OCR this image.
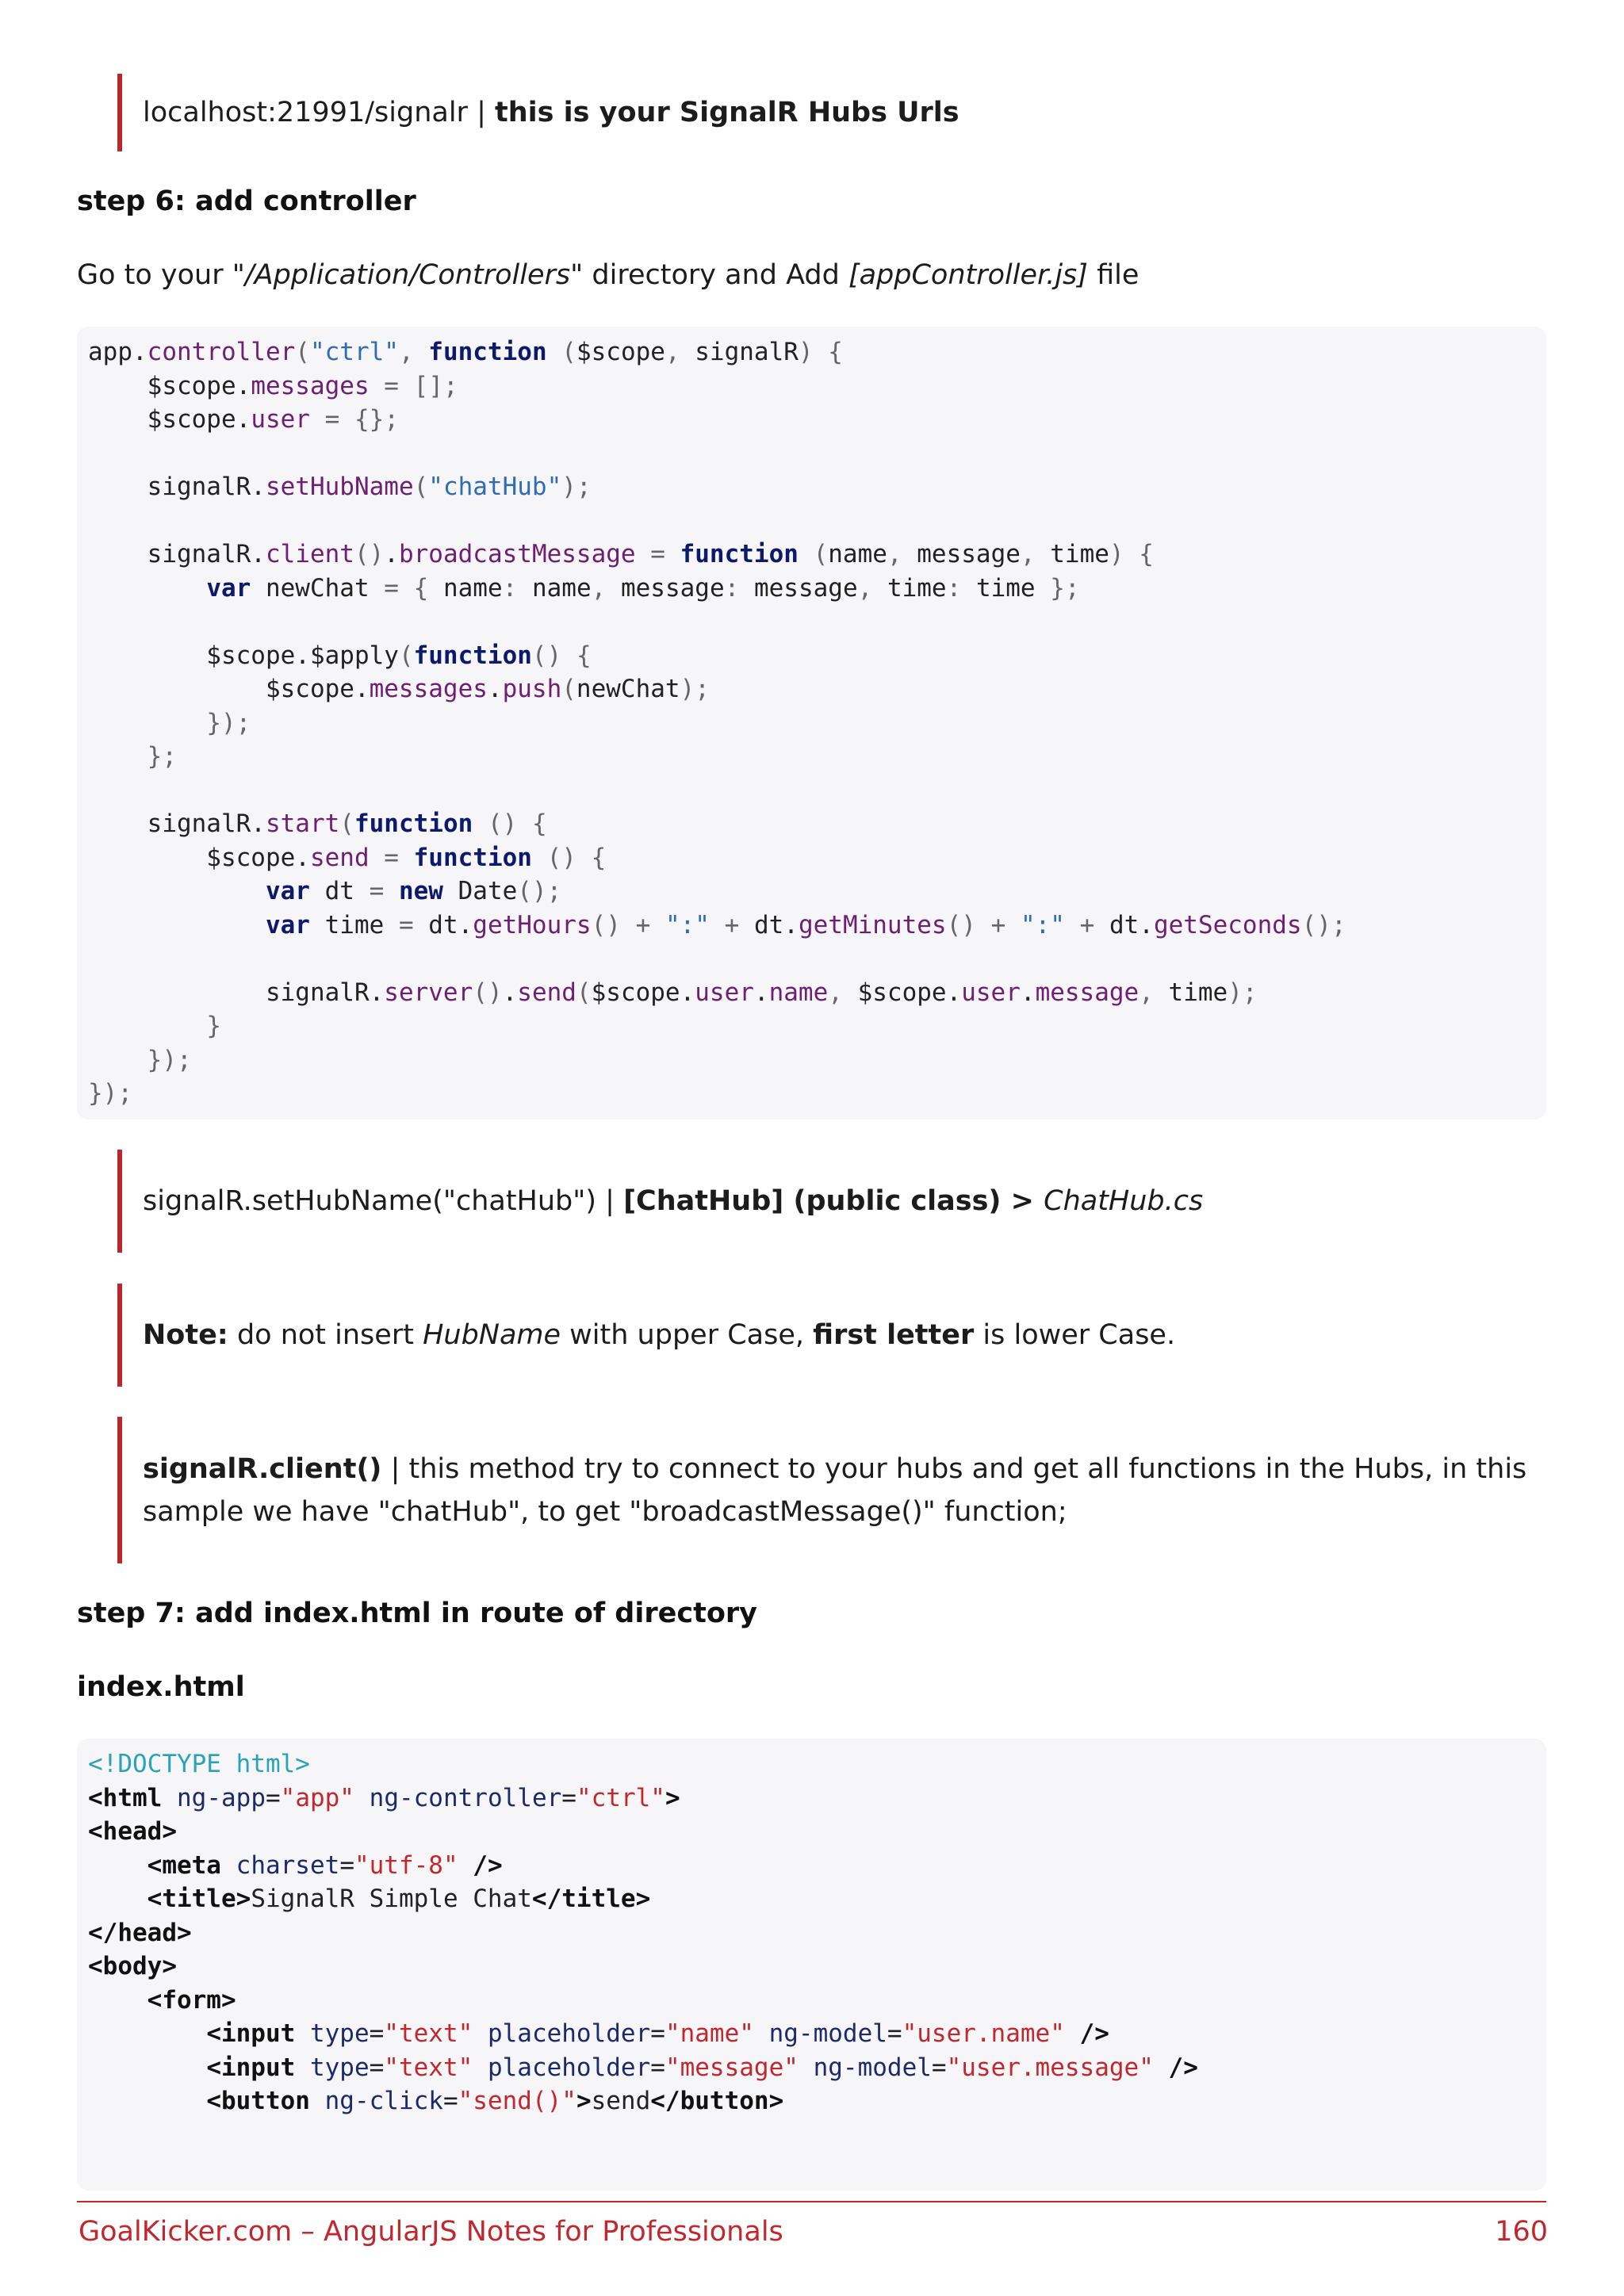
localhost:21991/signalr | this is your SignalR Hubs Urls
step 6: add controller
Go to your "/Application/Controllers" directory and Add [appController.js] file
app.controller("ctrl", function ($scope, signalR) {
$scope.messages = [];
$scope.user = {};

signalR.setHubName("chatHub");

signalR.client().broadcastMessage = function (name, message, time) {
var newChat = { name: name, message: message, time: time };

$scope.$apply(function() {
$scope.messages.push(newChat);
});
};

signalR.start(function () {
$scope.send = function () {
var dt = new Date();
var time = dt.getHours() + ":" + dt.getMinutes() + ":" + dt.getSeconds();

signalR.server().send($scope.user.name, $scope.user.message, time);
}
});
});
signalR.setHubName("chatHub") | [ChatHub] (public class) > ChatHub.cs
Note: do not insert HubName with upper Case, first letter is lower Case.
signalR.client() | this method try to connect to your hubs and get all functions in the Hubs, in this
sample we have "chatHub", to get "broadcastMessage()" function;
step 7: add index.html in route of directory
index.html
<!DOCTYPE html>
<html ng-app="app" ng-controller="ctrl">
<head>
<meta charset="utf-8" />
<title>SignalR Simple Chat</title>
</head>
<body>
<form>
<input type="text" placeholder="name" ng-model="user.name" />
<input type="text" placeholder="message" ng-model="user.message" />
<button ng-click="send()">send</button>
GoalKicker.com – AngularJS Notes for Professionals	160
